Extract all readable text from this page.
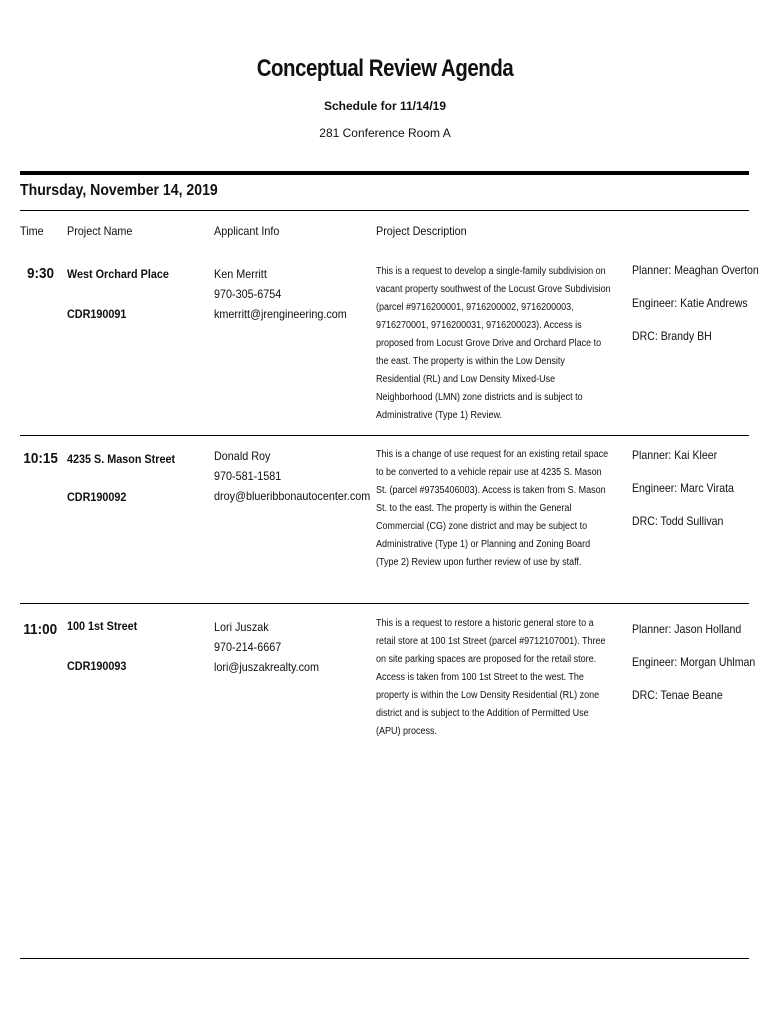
Conceptual Review Agenda
Schedule for 11/14/19
281 Conference Room A
Thursday, November 14, 2019
Time Project Name	Applicant Info	Project Description
9:30 West Orchard Place
CDR190091
Ken Merritt
970-305-6754
kmerritt@jrengineering.com
This is a request to develop a single-family subdivision on vacant property southwest of the Locust Grove Subdivision (parcel #9716200001, 9716200002, 9716200003, 9716270001, 9716200031, 9716200023). Access is proposed from Locust Grove Drive and Orchard Place to the east. The property is within the Low Density Residential (RL) and Low Density Mixed-Use Neighborhood (LMN) zone districts and is subject to Administrative (Type 1) Review.
Planner: Meaghan Overton
Engineer: Katie Andrews
DRC: Brandy BH
10:15 4235 S. Mason Street
CDR190092
Donald Roy
970-581-1581
droy@blueribbonautocenter.com
This is a change of use request for an existing retail space to be converted to a vehicle repair use at 4235 S. Mason St. (parcel #9735406003). Access is taken from S. Mason St. to the east. The property is within the General Commercial (CG) zone district and may be subject to Administrative (Type 1) or Planning and Zoning Board (Type 2) Review upon further review of use by staff.
Planner: Kai Kleer
Engineer: Marc Virata
DRC: Todd Sullivan
11:00 100 1st Street
CDR190093
Lori Juszak
970-214-6667
lori@juszakrealty.com
This is a request to restore a historic general store to a retail store at 100 1st Street (parcel #9712107001). Three on site parking spaces are proposed for the retail store. Access is taken from 100 1st Street to the west. The property is within the Low Density Residential (RL) zone district and is subject to the Addition of Permitted Use (APU) process.
Planner: Jason Holland
Engineer: Morgan Uhlman
DRC: Tenae Beane
